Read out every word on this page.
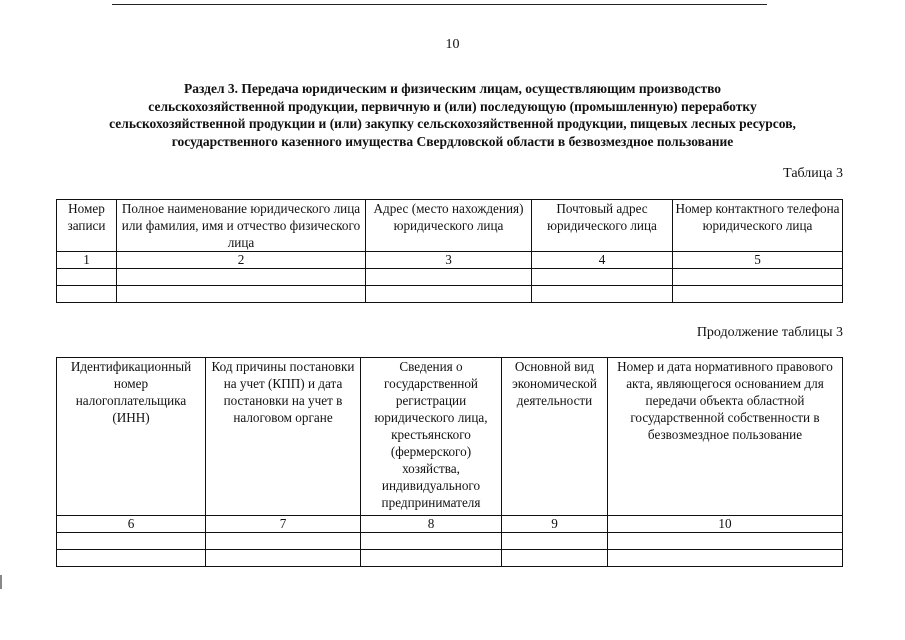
10
Раздел 3. Передача юридическим и физическим лицам, осуществляющим производство
сельскохозяйственной продукции, первичную и (или) последующую (промышленную) переработку
сельскохозяйственной продукции и (или) закупку сельскохозяйственной продукции, пищевых лесных ресурсов,
государственного казенного имущества Свердловской области в безвозмездное пользование
Таблица 3
Номер записи	Полное наименование юридического лица или фамилия, имя и отчество физического лица	Адрес (место нахождения) юридического лица	Почтовый адрес юридического лица	Номер контактного телефона юридического лица
1	2	3	4	5

Продолжение таблицы 3
Идентификационный номер налогоплательщика (ИНН)	Код причины постановки на учет (КПП) и дата постановки на учет в налоговом органе	Сведения о государственной регистрации юридического лица, крестьянского (фермерского) хозяйства, индивидуального предпринимателя	Основной вид экономической деятельности	Номер и дата нормативного правового акта, являющегося основанием для передачи объекта областной государственной собственности в безвозмездное пользование
6	7	8	9	10
